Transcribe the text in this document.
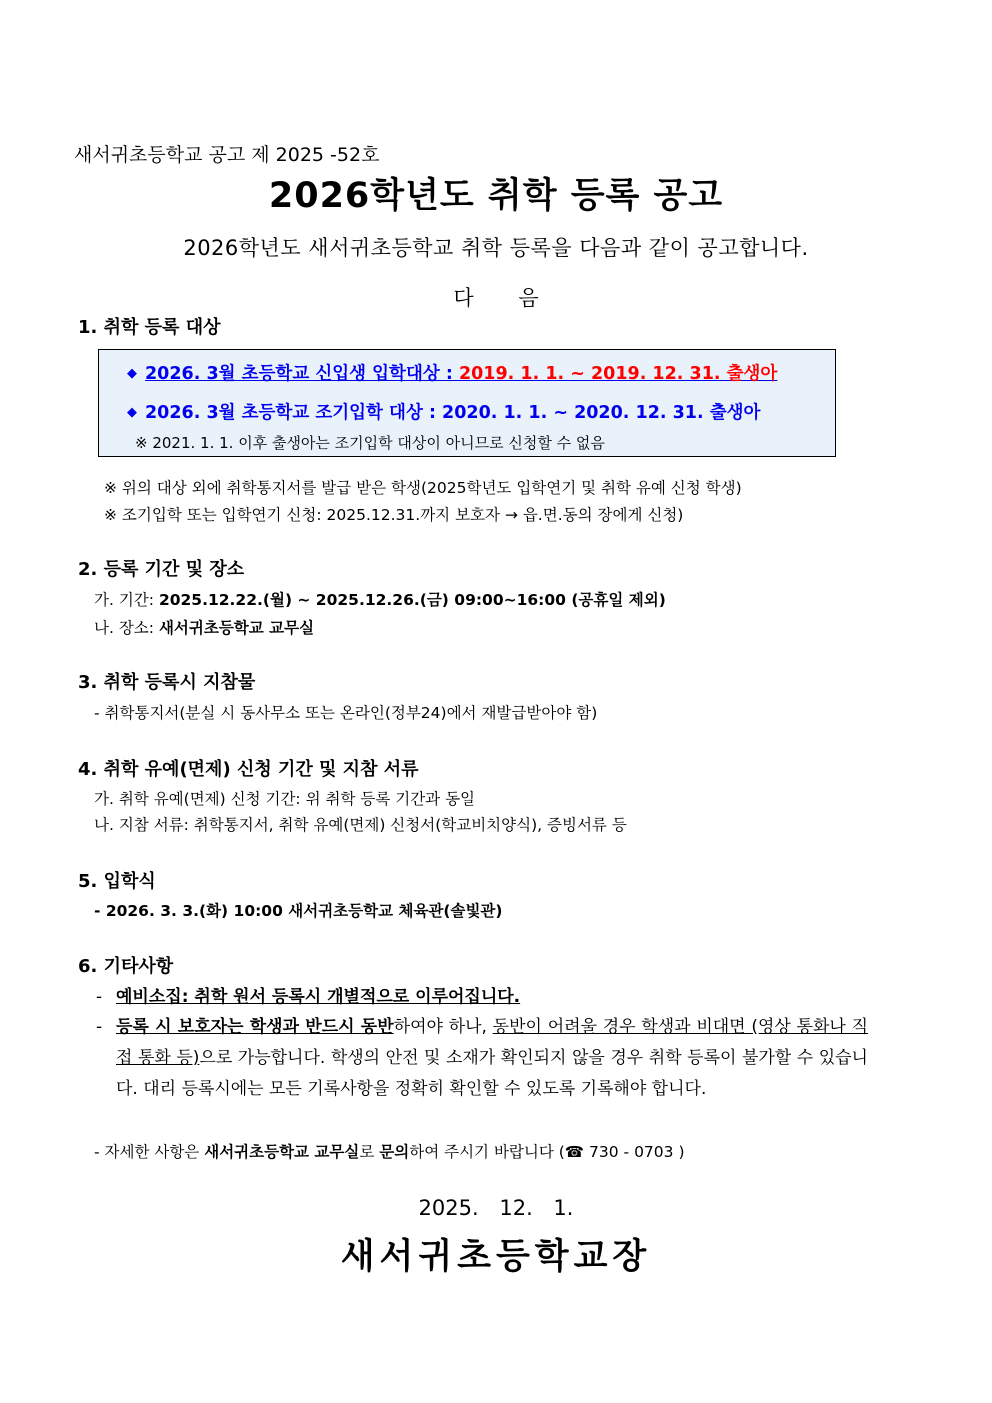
새서귀초등학교 공고 제 2025 -52호
2026학년도 취학 등록 공고
2026학년도 새서귀초등학교 취학 등록을 다음과 같이 공고합니다.
다 음
1. 취학 등록 대상
◆ 2026. 3월 초등학교 신입생 입학대상 : 2019. 1. 1. ~ 2019. 12. 31. 출생아
◆ 2026. 3월 초등학교 조기입학 대상 : 2020. 1. 1. ~ 2020. 12. 31. 출생아
※ 2021. 1. 1. 이후 출생아는 조기입학 대상이 아니므로 신청할 수 없음
※ 위의 대상 외에 취학통지서를 발급 받은 학생(2025학년도 입학연기 및 취학 유예 신청 학생)
※ 조기입학 또는 입학연기 신청: 2025.12.31.까지 보호자 → 읍.면.동의 장에게 신청)
2. 등록 기간 및 장소
가. 기간: 2025.12.22.(월) ~ 2025.12.26.(금) 09:00~16:00 (공휴일 제외)
나. 장소: 새서귀초등학교 교무실
3. 취학 등록시 지참물
- 취학통지서(분실 시 동사무소 또는 온라인(정부24)에서 재발급받아야 함)
4. 취학 유예(면제) 신청 기간 및 지참 서류
가. 취학 유예(면제) 신청 기간: 위 취학 등록 기간과 동일
나. 지참 서류: 취학통지서, 취학 유예(면제) 신청서(학교비치양식), 증빙서류 등
5. 입학식
- 2026. 3. 3.(화) 10:00 새서귀초등학교 체육관(솔빛관)
6. 기타사항
- 예비소집: 취학 원서 등록시 개별적으로 이루어집니다.
- 등록 시 보호자는 학생과 반드시 동반하여야 하나, 동반이 어려울 경우 학생과 비대면 (영상 통화나 직접 통화 등)으로 가능합니다. 학생의 안전 및 소재가 확인되지 않을 경우 취학 등록이 불가할 수 있습니다. 대리 등록시에는 모든 기록사항을 정확히 확인할 수 있도록 기록해야 합니다.
- 자세한 사항은 새서귀초등학교 교무실로 문의하여 주시기 바랍니다 (☎ 730 - 0703 )
2025. 12. 1.
새서귀초등학교장
